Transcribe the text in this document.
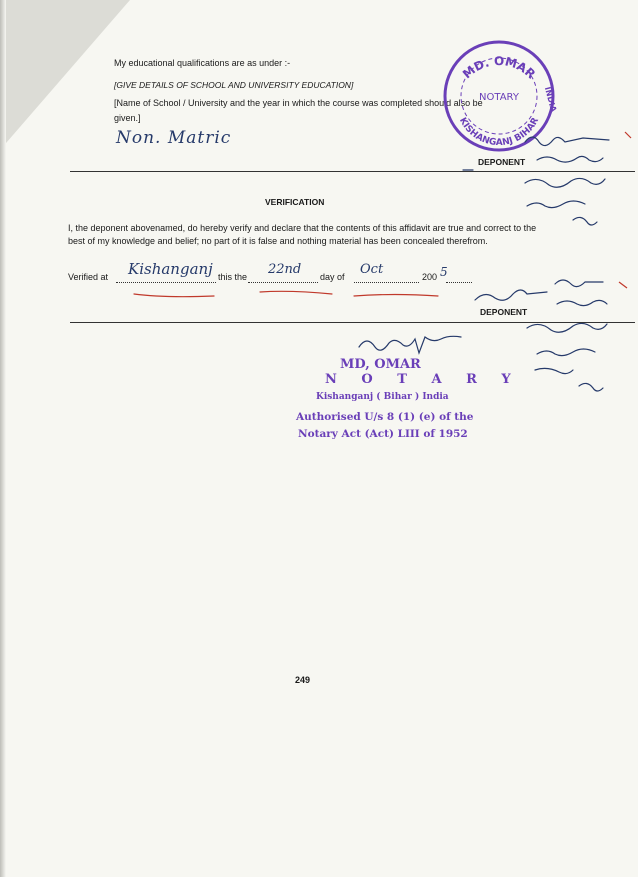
My educational qualifications are as under :-
[GIVE DETAILS OF SCHOOL AND UNIVERSITY EDUCATION]
[Name of School / University and the year in which the course was completed should also be
given.]
Non. Matric
MD. OMAR
KISHANGANJ BIHAR
NOTARY	INDIA
DEPONENT
VERIFICATION
I, the deponent abovenamed, do hereby verify and declare that the contents of this affidavit are true and correct to the best of my knowledge and belief; no part of it is false and nothing material has been concealed therefrom.
Verified at Kishanganj this the 22nd day of Oct	200 5
DEPONENT
MD, OMAR
N O T A R Y
Kishanganj ( Bihar ) India
Authorised U/s 8 (1) (e) of the
Notary Act (Act) LIII of 1952
249
